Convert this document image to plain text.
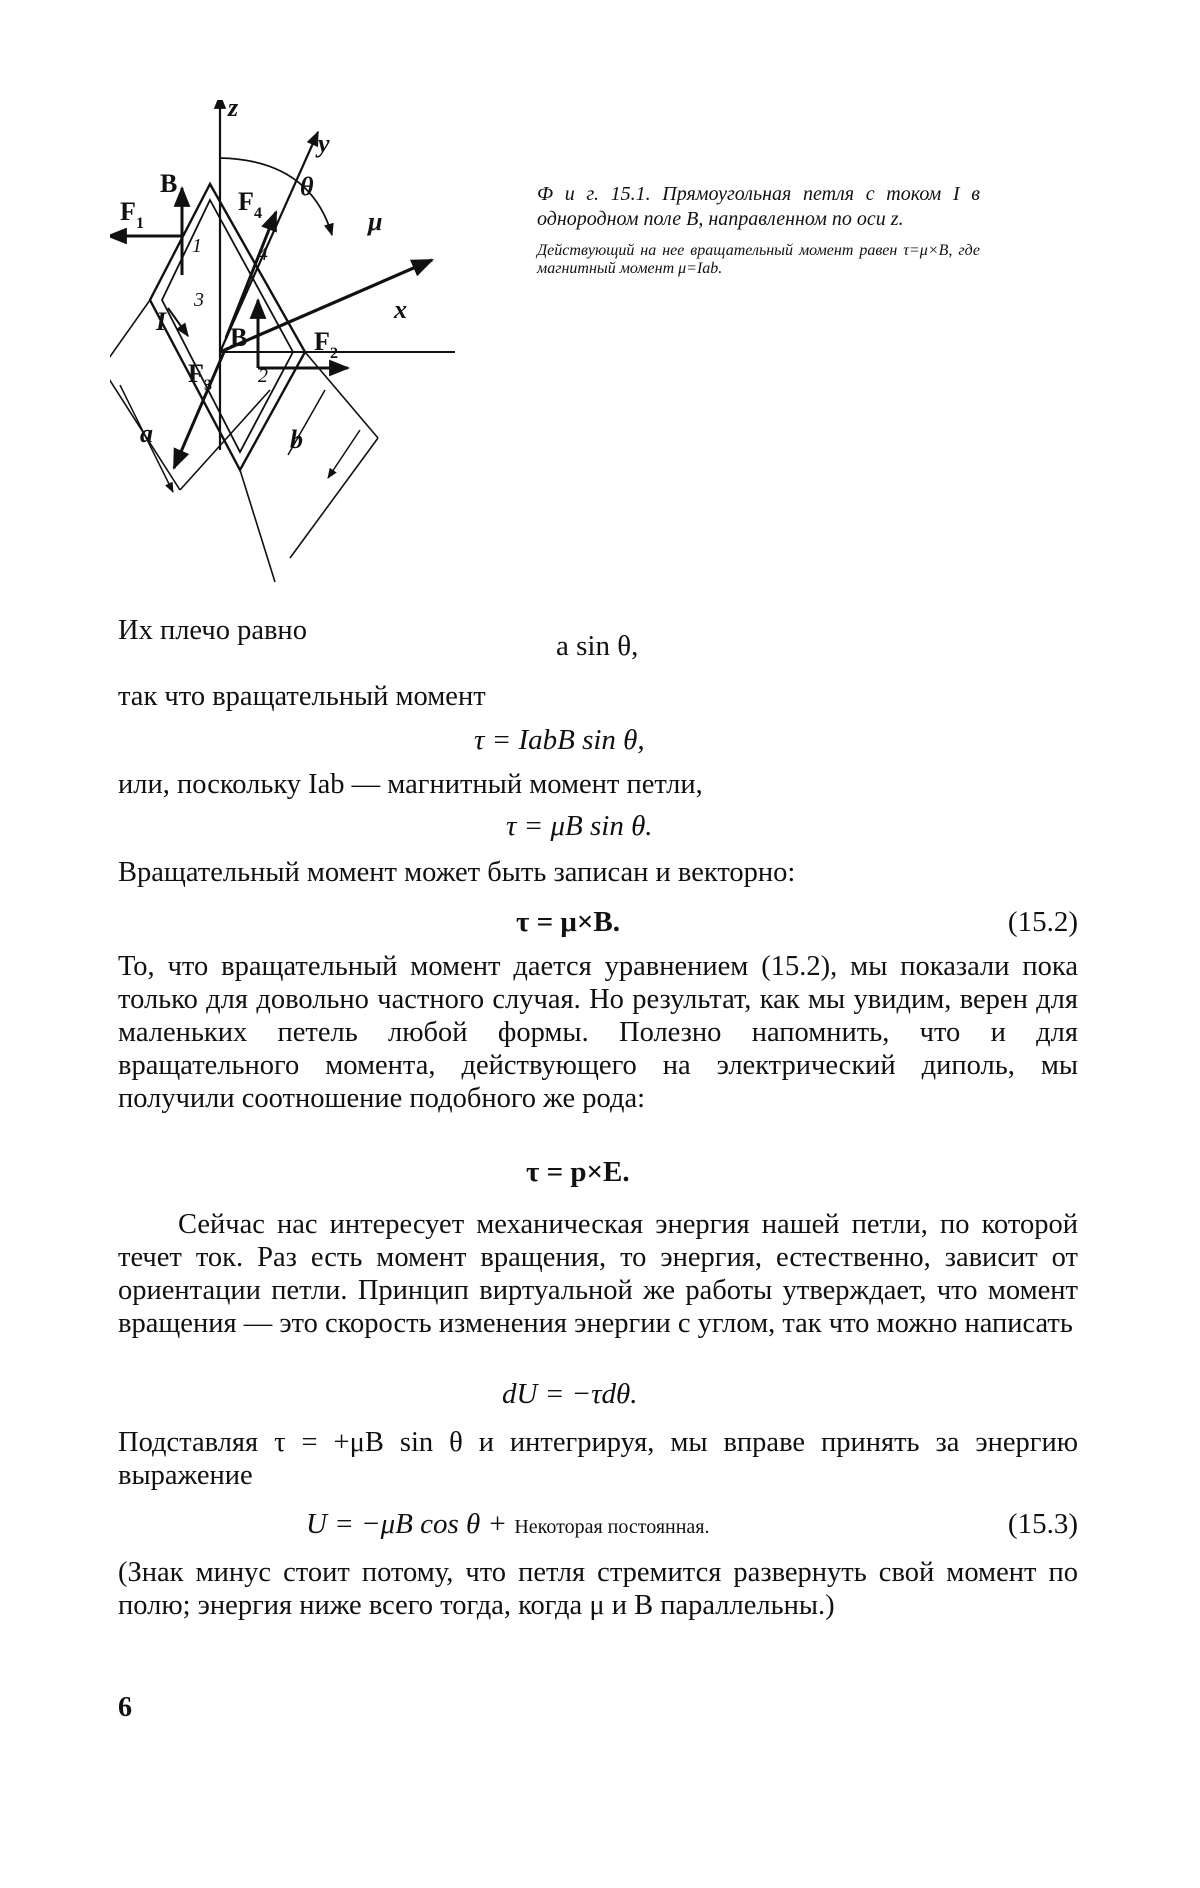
z
y
x
μ
θ
I
a	b
B
B
F 1
F 4
F 2
F 3
1	4
3
2
Ф и г. 15.1. Прямоугольная петля с током I в однородном поле B, направленном по оси z.
Действующий на нее вращательный момент равен τ=μ×B, где магнитный момент μ=Iab.
Их плечо равно	a sin θ,
так что вращательный момент
τ = IabB sin θ,
или, поскольку Iab — магнитный момент петли,
τ = μB sin θ.
Вращательный момент может быть записан и векторно:
τ = μ×B.	(15.2)
То, что вращательный момент дается уравнением (15.2), мы показали пока только для довольно частного случая. Но результат, как мы увидим, верен для маленьких петель любой формы. Полезно напомнить, что и для вращательного момента, действующего на электрический диполь, мы получили соотношение подобного же рода:
τ = p×E.
Сейчас нас интересует механическая энергия нашей петли, по которой течет ток. Раз есть момент вращения, то энергия, естественно, зависит от ориентации петли. Принцип виртуальной же работы утверждает, что момент вращения — это скорость изменения энергии с углом, так что можно написать
dU = −τdθ.
Подставляя τ = +μB sin θ и интегрируя, мы вправе принять за энергию выражение
U = −μB cos θ + Некоторая постоянная.	(15.3)
(Знак минус стоит потому, что петля стремится развернуть свой момент по полю; энергия ниже всего тогда, когда μ и B параллельны.)
6
